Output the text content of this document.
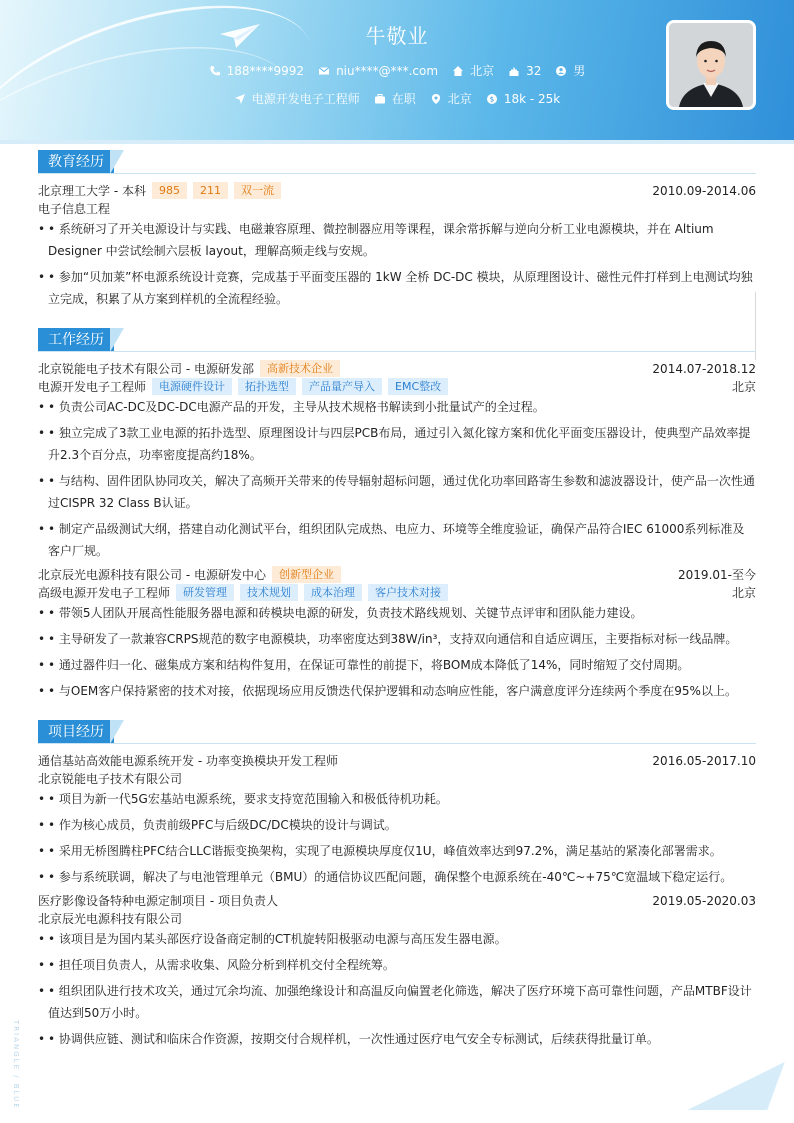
牛敬业
188****9992	niu****@***.com	北京	32	男
电源开发电子工程师	在职	北京	$ 18k - 25k
教育经历
北京理工大学 - 本科	985	211	双一流	2010.09-2014.06
电子信息工程
• • 系统研习了开关电源设计与实践、电磁兼容原理、微控制器应用等课程，课余常拆解与逆向分析工业电源模块，并在 Altium Designer 中尝试绘制六层板 layout，理解高频走线与安规。
• • 参加“贝加莱”杯电源系统设计竞赛，完成基于平面变压器的 1kW 全桥 DC-DC 模块，从原理图设计、磁性元件打样到上电测试均独立完成，积累了从方案到样机的全流程经验。
工作经历
北京锐能电子技术有限公司 - 电源研发部	高新技术企业	2014.07-2018.12
电源开发电子工程师	电源硬件设计	拓扑选型	产品量产导入	EMC整改	北京
• • 负责公司AC-DC及DC-DC电源产品的开发，主导从技术规格书解读到小批量试产的全过程。
• • 独立完成了3款工业电源的拓扑选型、原理图设计与四层PCB布局，通过引入氮化镓方案和优化平面变压器设计，使典型产品效率提升2.3个百分点，功率密度提高约18%。
• • 与结构、固件团队协同攻关，解决了高频开关带来的传导辐射超标问题，通过优化功率回路寄生参数和滤波器设计，使产品一次性通过CISPR 32 Class B认证。
• • 制定产品级测试大纲，搭建自动化测试平台，组织团队完成热、电应力、环境等全维度验证，确保产品符合IEC 61000系列标准及客户厂规。
北京辰光电源科技有限公司 - 电源研发中心	创新型企业	2019.01-至今
高级电源开发电子工程师	研发管理	技术规划	成本治理	客户技术对接	北京
• • 带领5人团队开展高性能服务器电源和砖模块电源的研发，负责技术路线规划、关键节点评审和团队能力建设。
• • 主导研发了一款兼容CRPS规范的数字电源模块，功率密度达到38W/in³，支持双向通信和自适应调压，主要指标对标一线品牌。
• • 通过器件归一化、磁集成方案和结构件复用，在保证可靠性的前提下，将BOM成本降低了14%，同时缩短了交付周期。
• • 与OEM客户保持紧密的技术对接，依据现场应用反馈迭代保护逻辑和动态响应性能，客户满意度评分连续两个季度在95%以上。
项目经历
通信基站高效能电源系统开发 - 功率变换模块开发工程师	2016.05-2017.10
北京锐能电子技术有限公司
• • 项目为新一代5G宏基站电源系统，要求支持宽范围输入和极低待机功耗。
• • 作为核心成员，负责前级PFC与后级DC/DC模块的设计与调试。
• • 采用无桥图腾柱PFC结合LLC谐振变换架构，实现了电源模块厚度仅1U，峰值效率达到97.2%，满足基站的紧凑化部署需求。
• • 参与系统联调，解决了与电池管理单元（BMU）的通信协议匹配问题，确保整个电源系统在-40℃~+75℃宽温域下稳定运行。
医疗影像设备特种电源定制项目 - 项目负责人	2019.05-2020.03
北京辰光电源科技有限公司
• • 该项目是为国内某头部医疗设备商定制的CT机旋转阳极驱动电源与高压发生器电源。
• • 担任项目负责人，从需求收集、风险分析到样机交付全程统筹。
• • 组织团队进行技术攻关，通过冗余均流、加强绝缘设计和高温反向偏置老化筛选，解决了医疗环境下高可靠性问题，产品MTBF设计值达到50万小时。
• • 协调供应链、测试和临床合作资源，按期交付合规样机，一次性通过医疗电气安全专标测试，后续获得批量订单。
TRIANGLE / BLUE
